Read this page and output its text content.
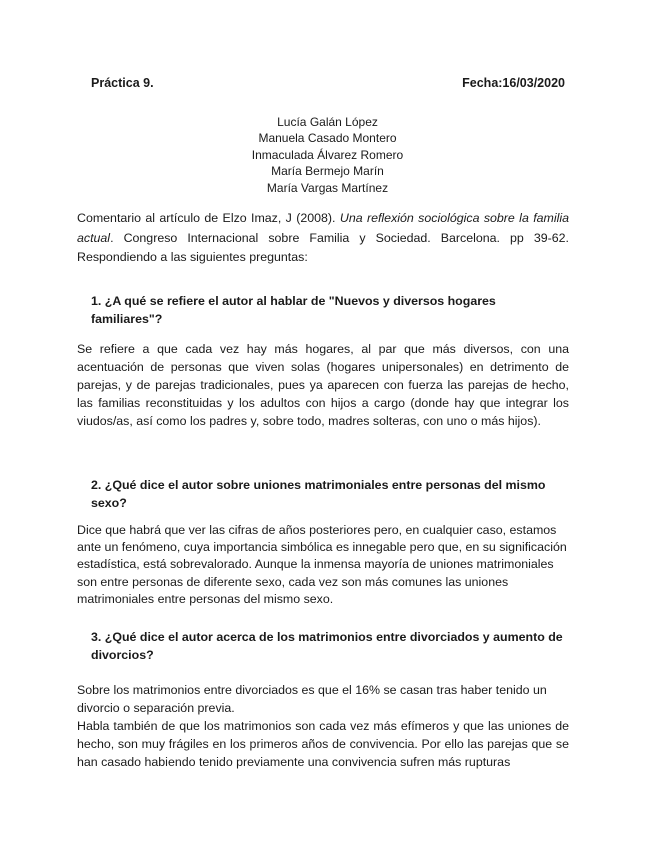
Práctica 9.	Fecha:16/03/2020
Lucía Galán López
Manuela Casado Montero
Inmaculada Álvarez Romero
María Bermejo Marín
María Vargas Martínez
Comentario al artículo de Elzo Imaz, J (2008). Una reflexión sociológica sobre la familia actual. Congreso Internacional sobre Familia y Sociedad. Barcelona. pp 39-62. Respondiendo a las siguientes preguntas:
1. ¿A qué se refiere el autor al hablar de "Nuevos y diversos hogares familiares"?
Se refiere a que cada vez hay más hogares, al par que más diversos, con una acentuación de personas que viven solas (hogares unipersonales) en detrimento de parejas, y de parejas tradicionales, pues ya aparecen con fuerza las parejas de hecho, las familias reconstituidas y los adultos con hijos a cargo (donde hay que integrar los viudos/as, así como los padres y, sobre todo, madres solteras, con uno o más hijos).
2. ¿Qué dice el autor sobre uniones matrimoniales entre personas del mismo sexo?
Dice que habrá que ver las cifras de años posteriores pero, en cualquier caso, estamos ante un fenómeno, cuya importancia simbólica es innegable pero que, en su significación estadística, está sobrevalorado. Aunque la inmensa mayoría de uniones matrimoniales son entre personas de diferente sexo, cada vez son más comunes las uniones matrimoniales entre personas del mismo sexo.
3. ¿Qué dice el autor acerca de los matrimonios entre divorciados y aumento de divorcios?
Sobre los matrimonios entre divorciados es que el 16% se casan tras haber tenido un divorcio o separación previa.
Habla también de que los matrimonios son cada vez más efímeros y que las uniones de hecho, son muy frágiles en los primeros años de convivencia. Por ello las parejas que se han casado habiendo tenido previamente una convivencia sufren más rupturas
